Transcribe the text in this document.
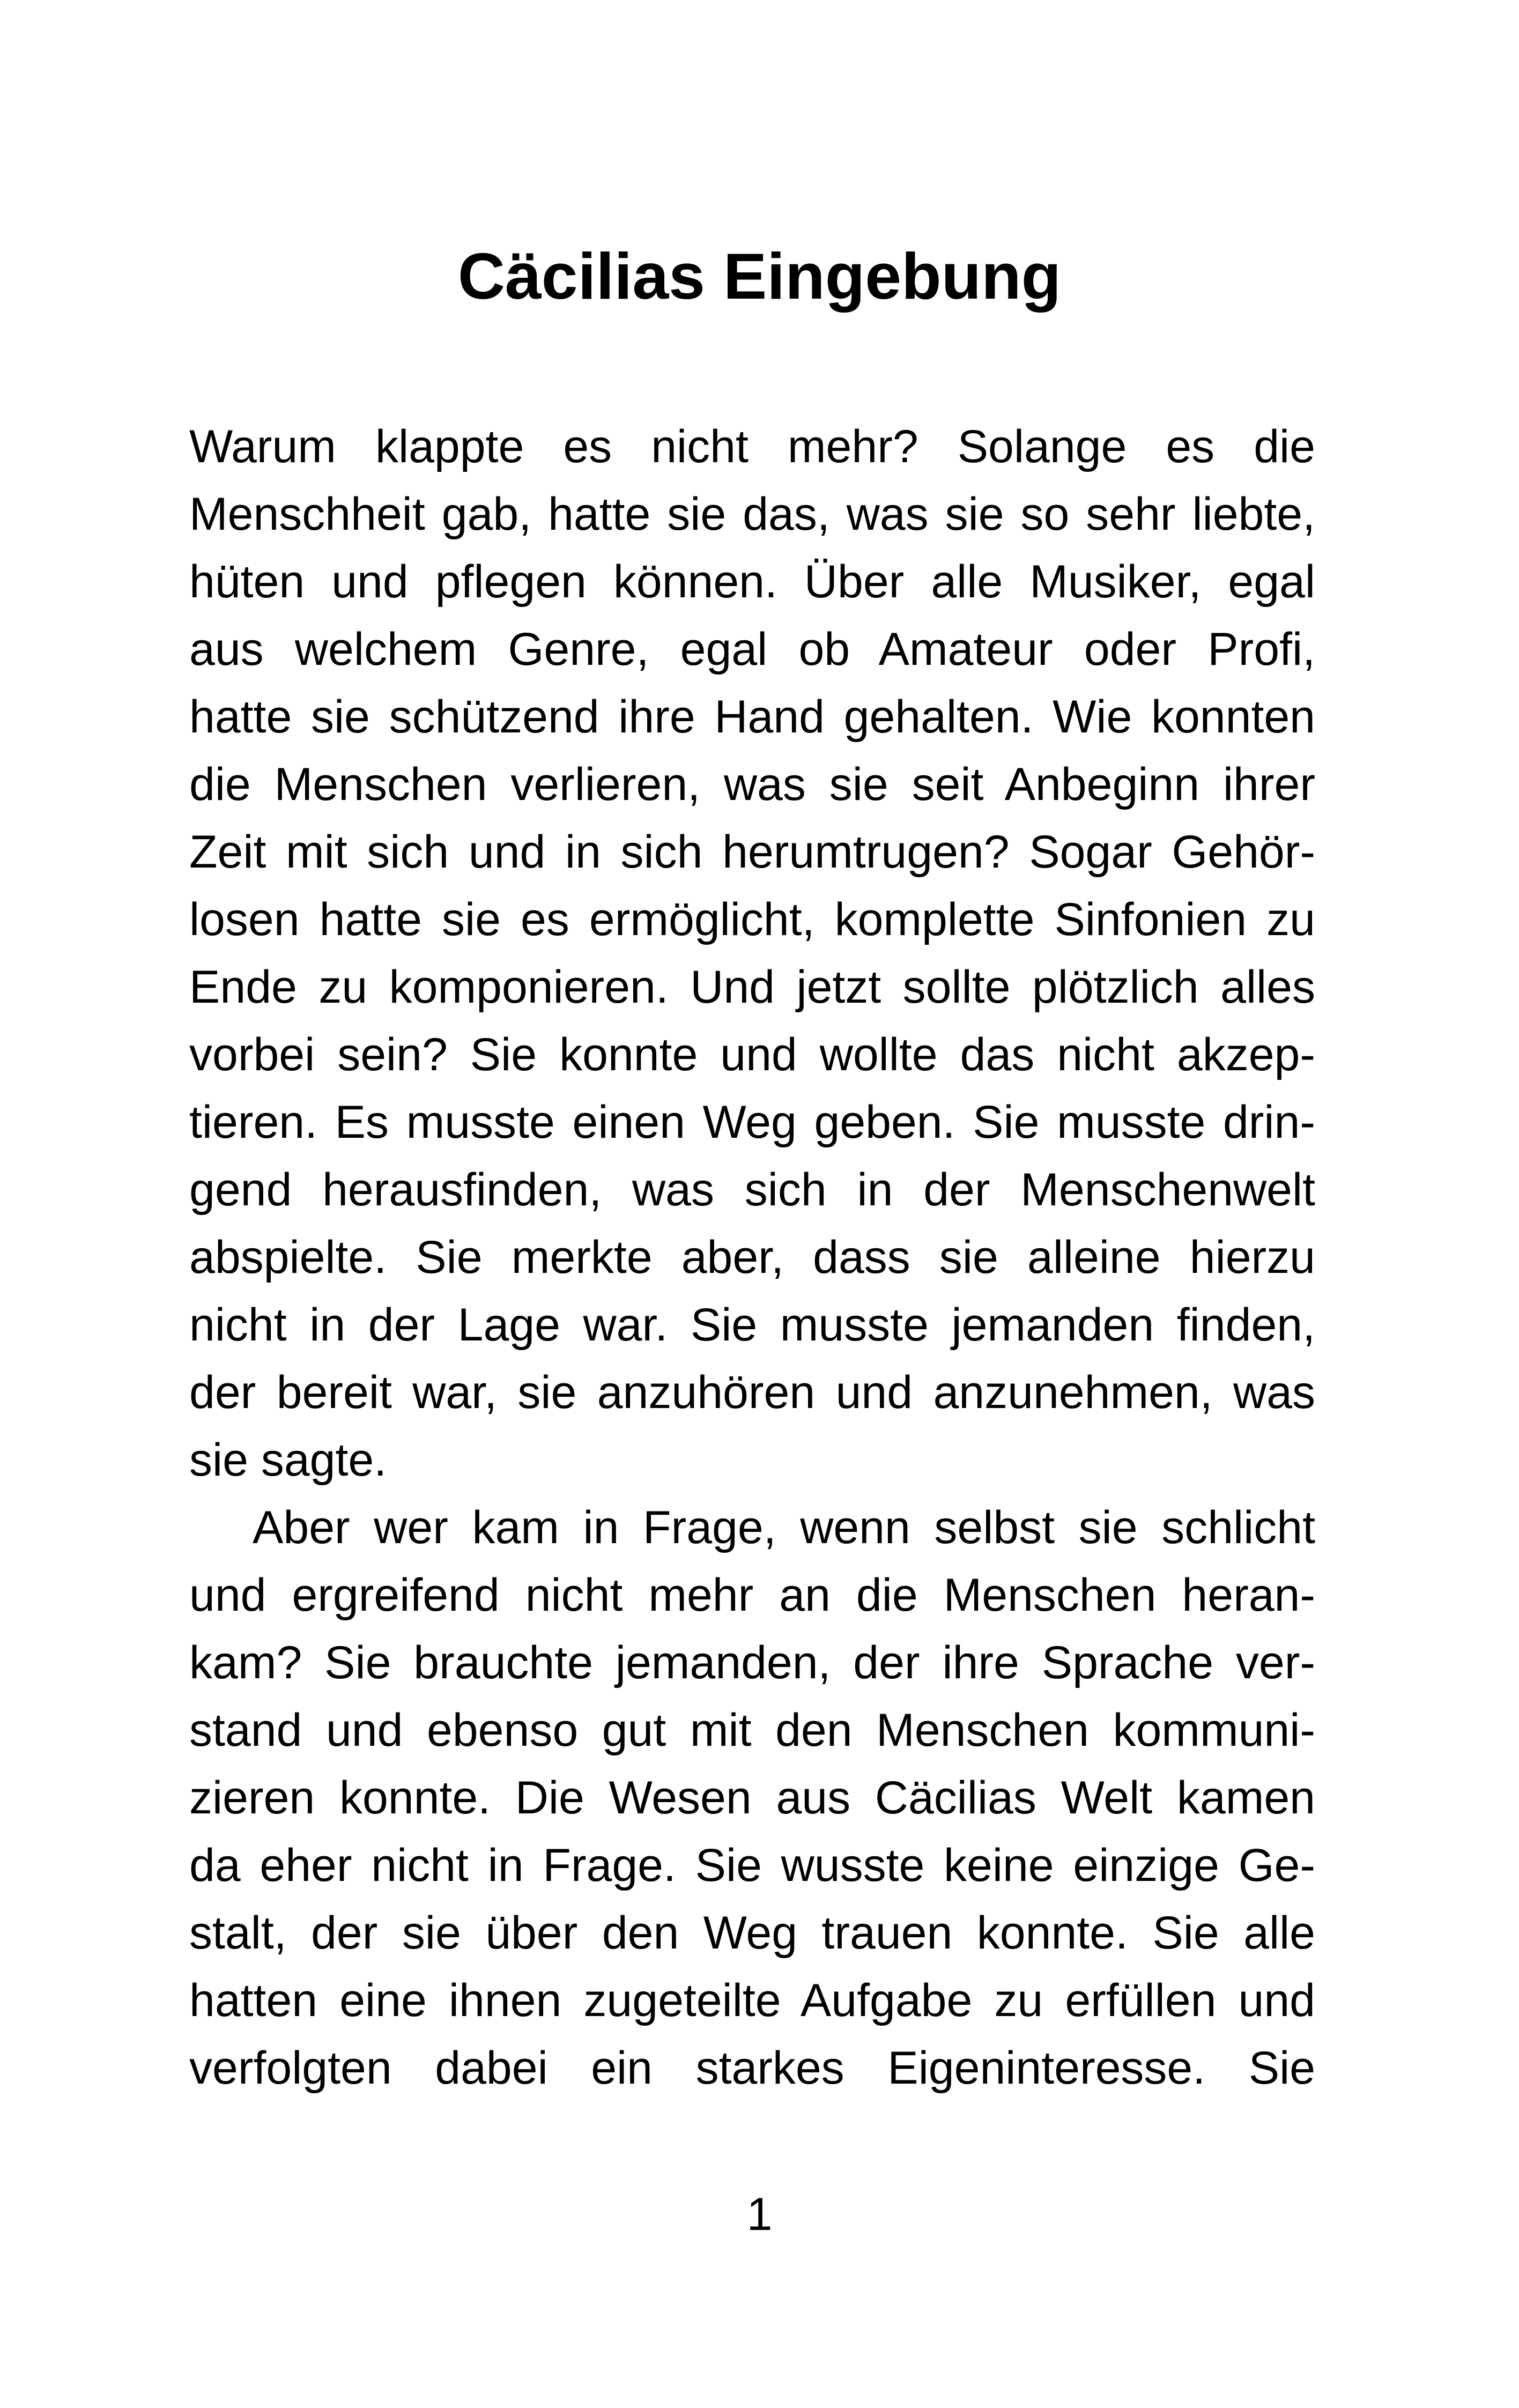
Cäcilias Eingebung
Warum klappte es nicht mehr? Solange es die
Menschheit gab, hatte sie das, was sie so sehr liebte,
hüten und pflegen können. Über alle Musiker, egal
aus welchem Genre, egal ob Amateur oder Profi,
hatte sie schützend ihre Hand gehalten. Wie konnten
die Menschen verlieren, was sie seit Anbeginn ihrer
Zeit mit sich und in sich herumtrugen? Sogar Gehör-
losen hatte sie es ermöglicht, komplette Sinfonien zu
Ende zu komponieren. Und jetzt sollte plötzlich alles
vorbei sein? Sie konnte und wollte das nicht akzep-
tieren. Es musste einen Weg geben. Sie musste drin-
gend herausfinden, was sich in der Menschenwelt
abspielte. Sie merkte aber, dass sie alleine hierzu
nicht in der Lage war. Sie musste jemanden finden,
der bereit war, sie anzuhören und anzunehmen, was
sie sagte.
Aber wer kam in Frage, wenn selbst sie schlicht
und ergreifend nicht mehr an die Menschen heran-
kam? Sie brauchte jemanden, der ihre Sprache ver-
stand und ebenso gut mit den Menschen kommuni-
zieren konnte. Die Wesen aus Cäcilias Welt kamen
da eher nicht in Frage. Sie wusste keine einzige Ge-
stalt, der sie über den Weg trauen konnte. Sie alle
hatten eine ihnen zugeteilte Aufgabe zu erfüllen und
verfolgten dabei ein starkes Eigeninteresse. Sie
1
